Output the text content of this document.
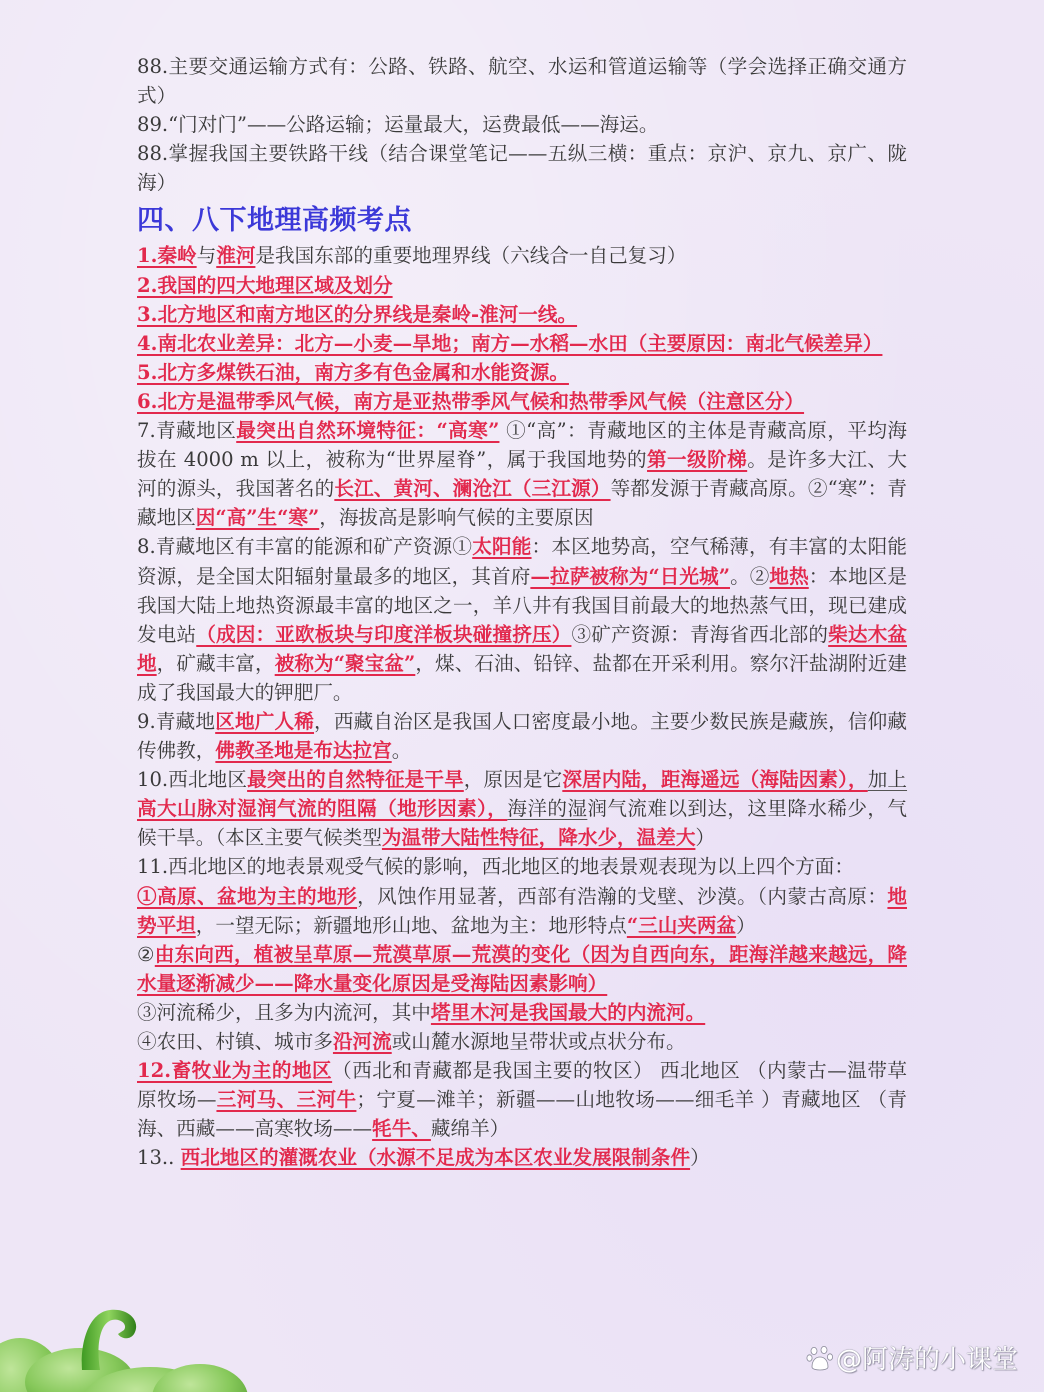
88.主要交通运输方式有：公路、铁路、航空、水运和管道运输等（学会选择正确交通方式）

89.“门对门”——公路运输；运量最大，运费最低——海运。

88.掌握我国主要铁路干线（结合课堂笔记——五纵三横：重点：京沪、京九、京广、陇海）

四、八下地理高频考点

1.秦岭与淮河是我国东部的重要地理界线（六线合一自己复习）

2.我国的四大地理区域及划分

3.北方地区和南方地区的分界线是秦岭-淮河一线。

4.南北农业差异：北方—小麦—旱地；南方—水稻—水田（主要原因：南北气候差异）

5.北方多煤铁石油，南方多有色金属和水能资源。

6.北方是温带季风气候，南方是亚热带季风气候和热带季风气候（注意区分）

7.青藏地区最突出自然环境特征：“高寒” ①“高”：青藏地区的主体是青藏高原，平均海拔在 4000 m 以上，被称为“世界屋脊”，属于我国地势的第一级阶梯。是许多大江、大河的源头，我国著名的长江、黄河、澜沧江（三江源）等都发源于青藏高原。②“寒”：青藏地区因“高”生“寒”，海拔高是影响气候的主要原因

8.青藏地区有丰富的能源和矿产资源①太阳能：本区地势高，空气稀薄，有丰富的太阳能资源，是全国太阳辐射量最多的地区，其首府—拉萨被称为“日光城”。②地热：本地区是我国大陆上地热资源最丰富的地区之一，羊八井有我国目前最大的地热蒸气田，现已建成发电站（成因：亚欧板块与印度洋板块碰撞挤压）③矿产资源：青海省西北部的柴达木盆地，矿藏丰富，被称为“聚宝盆”，煤、石油、铅锌、盐都在开采利用。察尔汗盐湖附近建成了我国最大的钾肥厂。

9.青藏地区地广人稀，西藏自治区是我国人口密度最小地。主要少数民族是藏族，信仰藏传佛教，佛教圣地是布达拉宫。

10.西北地区最突出的自然特征是干旱，原因是它深居内陆，距海遥远（海陆因素），加上高大山脉对湿润气流的阻隔（地形因素），海洋的湿润气流难以到达，这里降水稀少，气候干旱。（本区主要气候类型为温带大陆性特征，降水少，温差大）

11.西北地区的地表景观受气候的影响，西北地区的地表景观表现为以上四个方面：

①高原、盆地为主的地形，风蚀作用显著，西部有浩瀚的戈壁、沙漠。（内蒙古高原：地势平坦，一望无际；新疆地形山地、盆地为主：地形特点“三山夹两盆）

②由东向西，植被呈草原—荒漠草原—荒漠的变化（因为自西向东，距海洋越来越远，降水量逐渐减少——降水量变化原因是受海陆因素影响）

③河流稀少，且多为内流河，其中塔里木河是我国最大的内流河。

④农田、村镇、城市多沿河流或山麓水源地呈带状或点状分布。

12.畜牧业为主的地区（西北和青藏都是我国主要的牧区） 西北地区 （内蒙古—温带草原牧场—三河马、三河牛；宁夏—滩羊；新疆——山地牧场——细毛羊 ）青藏地区 （青海、西藏——高寒牧场——牦牛、藏绵羊）

13.. 西北地区的灌溉农业（水源不足成为本区农业发展限制条件）

@阿涛的小课堂
